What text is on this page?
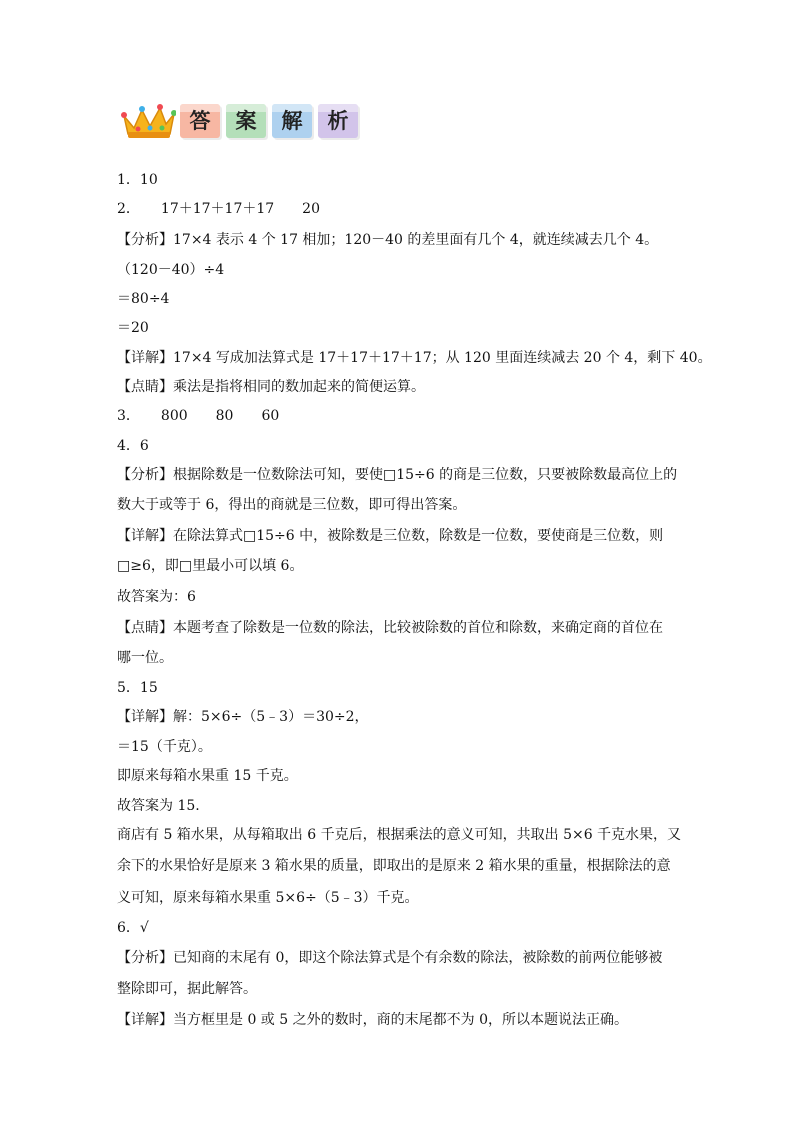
答	案	解	析
1．10
2．　　17＋17＋17＋17　　20
【分析】17×4 表示 4 个 17 相加；120－40 的差里面有几个 4，就连续减去几个 4。
（120－40）÷4
＝80÷4
＝20
【详解】17×4 写成加法算式是 17＋17＋17＋17；从 120 里面连续减去 20 个 4，剩下 40。
【点睛】乘法是指将相同的数加起来的简便运算。
3．　　800　　80　　60
4．6
【分析】根据除数是一位数除法可知，要使□15÷6 的商是三位数，只要被除数最高位上的
数大于或等于 6，得出的商就是三位数，即可得出答案。
【详解】在除法算式□15÷6 中，被除数是三位数，除数是一位数，要使商是三位数，则
□≥6，即□里最小可以填 6。
故答案为：6
【点睛】本题考查了除数是一位数的除法，比较被除数的首位和除数，来确定商的首位在
哪一位。
5．15
【详解】解：5×6÷（5﹣3）＝30÷2，
＝15（千克）。
即原来每箱水果重 15 千克。
故答案为 15.
商店有 5 箱水果，从每箱取出 6 千克后，根据乘法的意义可知，共取出 5×6 千克水果，又
余下的水果恰好是原来 3 箱水果的质量，即取出的是原来 2 箱水果的重量，根据除法的意
义可知，原来每箱水果重 5×6÷（5﹣3）千克。
6．√
【分析】已知商的末尾有 0，即这个除法算式是个有余数的除法，被除数的前两位能够被
整除即可，据此解答。
【详解】当方框里是 0 或 5 之外的数时，商的末尾都不为 0，所以本题说法正确。
